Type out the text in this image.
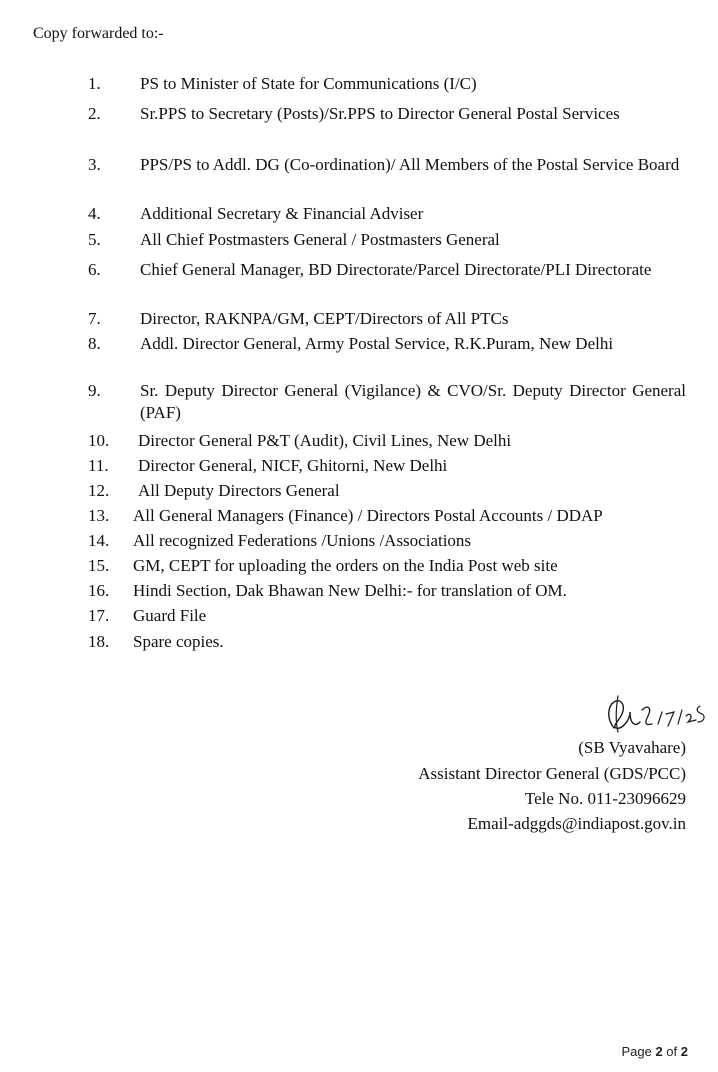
Copy forwarded to:-
1. PS to Minister of State for Communications (I/C)
2. Sr.PPS to Secretary (Posts)/Sr.PPS to Director General Postal Services
3. PPS/PS to Addl. DG (Co-ordination)/ All Members of the Postal Service Board
4. Additional Secretary & Financial Adviser
5. All Chief Postmasters General / Postmasters General
6. Chief General Manager, BD Directorate/Parcel Directorate/PLI Directorate
7. Director, RAKNPA/GM, CEPT/Directors of All PTCs
8. Addl. Director General, Army Postal Service, R.K.Puram, New Delhi
9. Sr. Deputy Director General (Vigilance) & CVO/Sr. Deputy Director General (PAF)
10. Director General P&T (Audit), Civil Lines, New Delhi
11. Director General, NICF, Ghitorni, New Delhi
12. All Deputy Directors General
13. All General Managers (Finance) / Directors Postal Accounts / DDAP
14. All recognized Federations /Unions /Associations
15. GM, CEPT for uploading the orders on the India Post web site
16. Hindi Section, Dak Bhawan New Delhi:- for translation of OM.
17. Guard File
18. Spare copies.
(SB Vyavahare)
Assistant Director General (GDS/PCC)
Tele No. 011-23096629
Email-adggds@indiapost.gov.in
Page 2 of 2
